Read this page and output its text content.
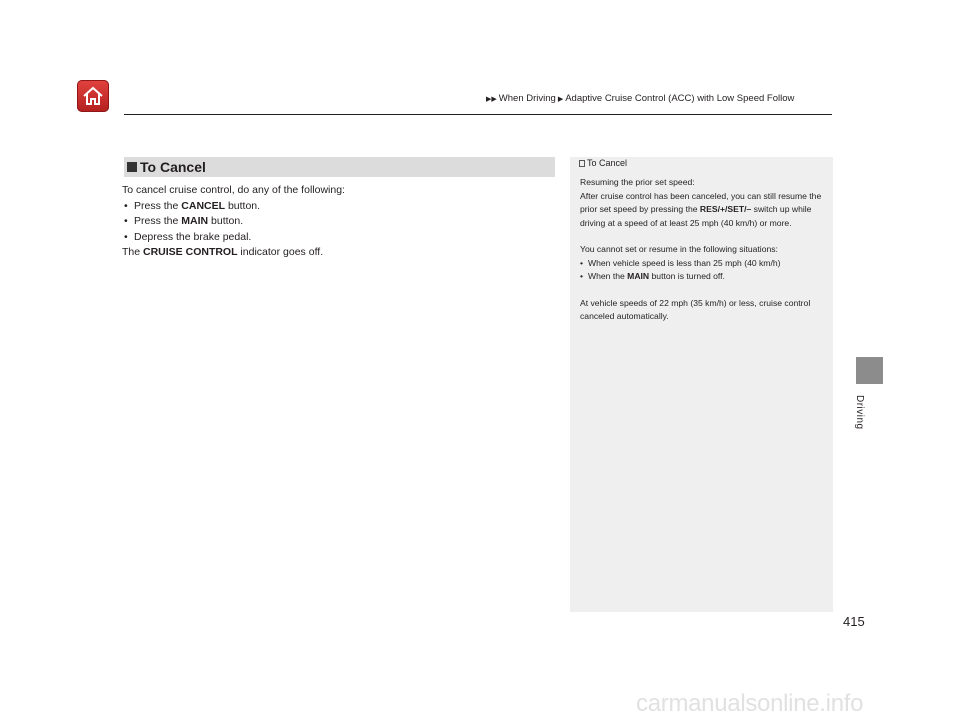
▶▶ When Driving ▶ Adaptive Cruise Control (ACC) with Low Speed Follow
To Cancel

To cancel cruise control, do any of the following:

• Press the CANCEL button.
• Press the MAIN button.
• Depress the brake pedal.

The CRUISE CONTROL indicator goes off.

To Cancel

Resuming the prior set speed:

After cruise control has been canceled, you can still resume the prior set speed by pressing the RES/+/SET/– switch up while driving at a speed of at least 25 mph (40 km/h) or more.

You cannot set or resume in the following situations:

• When vehicle speed is less than 25 mph (40 km/h)
• When the MAIN button is turned off.

At vehicle speeds of 22 mph (35 km/h) or less, cruise control canceled automatically.

Driving
415
carmanualsonline.info
